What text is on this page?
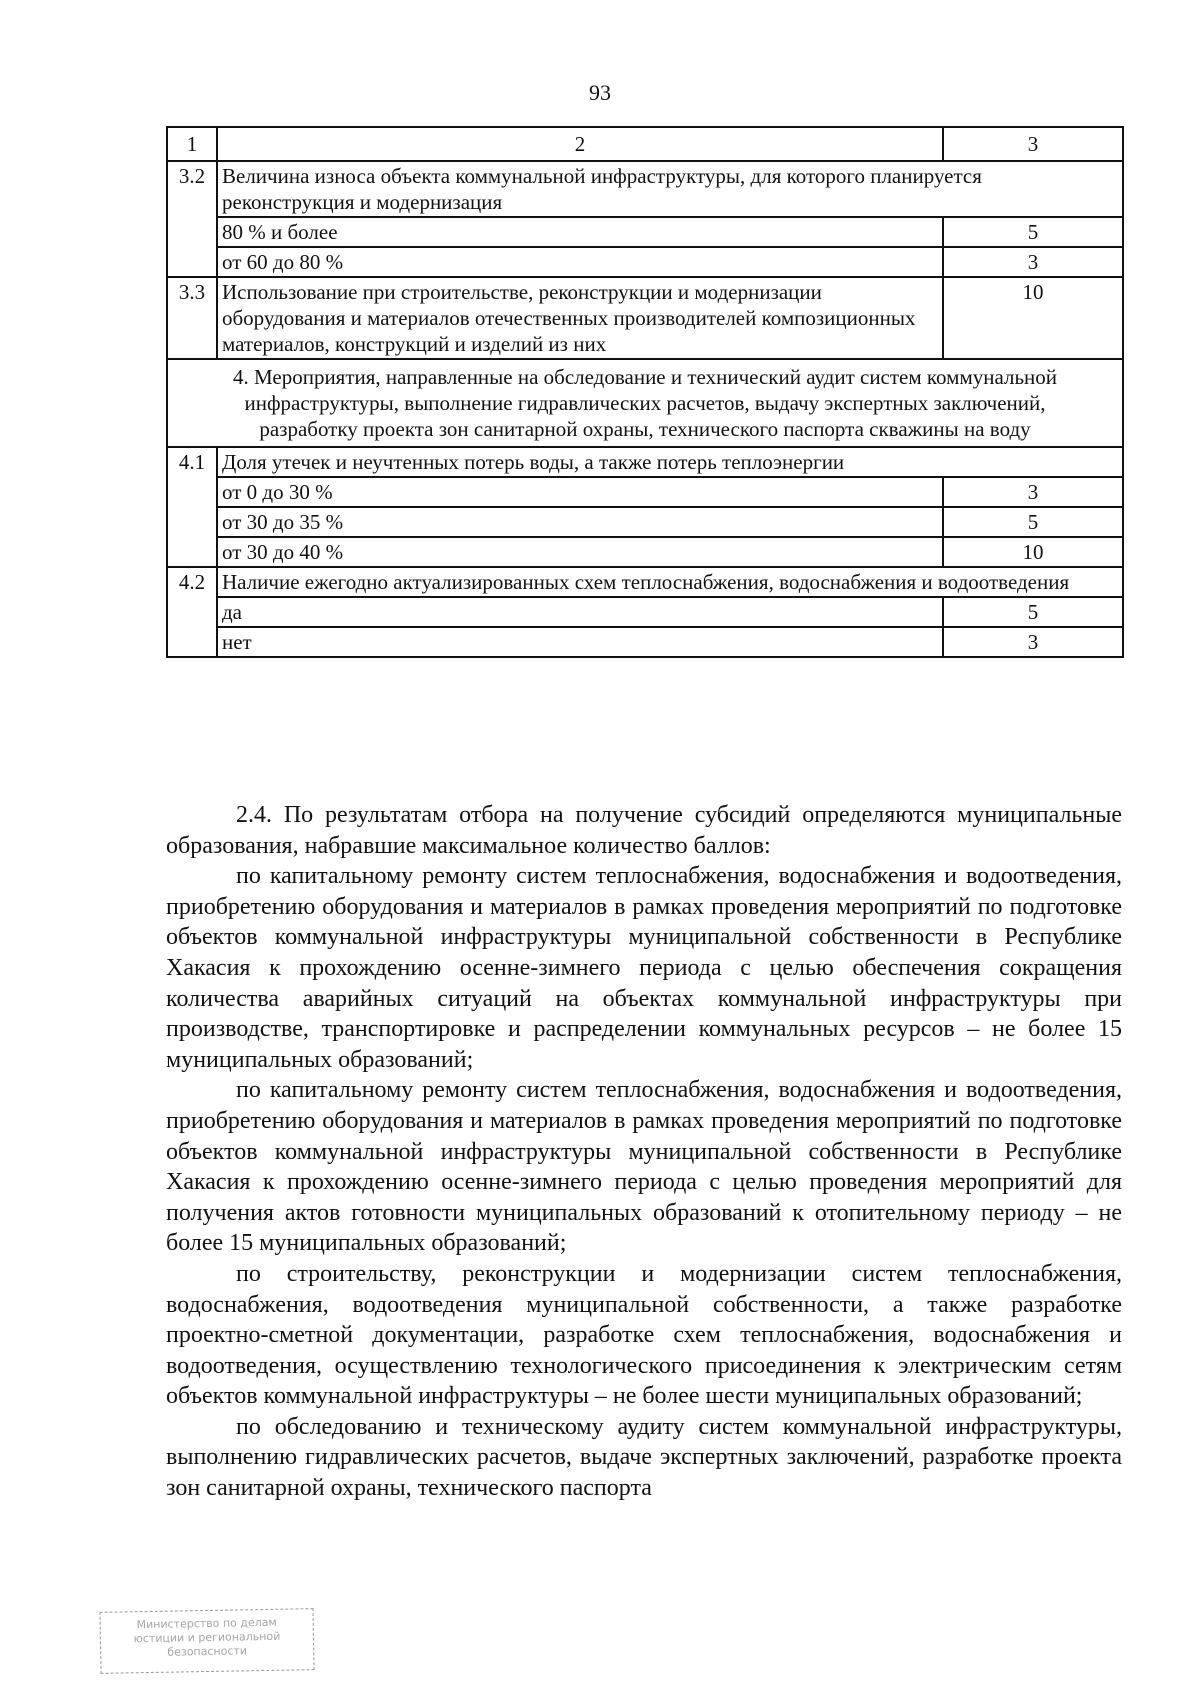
93
1	2	3
3.2	Величина износа объекта коммунальной инфраструктуры, для которого планируется реконструкция и модернизация	
	80 % и более	5
	от 60 до 80 %	3
3.3	Использование при строительстве, реконструкции и модернизации оборудования и материалов отечественных производителей композиционных материалов, конструкций и изделий из них	10
4. Мероприятия, направленные на обследование и технический аудит систем коммунальной инфраструктуры, выполнение гидравлических расчетов, выдачу экспертных заключений, разработку проекта зон санитарной охраны, технического паспорта скважины на воду		
4.1	Доля утечек и неучтенных потерь воды, а также потерь теплоэнергии	
	от 0 до 30 %	3
	от 30 до 35 %	5
	от 30 до 40 %	10
4.2	Наличие ежегодно актуализированных схем теплоснабжения, водоснабжения и водоотведения	
	да	5
	нет	3

2.4. По результатам отбора на получение субсидий определяются муниципальные образования, набравшие максимальное количество баллов:

по капитальному ремонту систем теплоснабжения, водоснабжения и водоотведения, приобретению оборудования и материалов в рамках проведения мероприятий по подготовке объектов коммунальной инфраструктуры муниципальной собственности в Республике Хакасия к прохождению осенне-зимнего периода с целью обеспечения сокращения количества аварийных ситуаций на объектах коммунальной инфраструктуры при производстве, транспортировке и распределении коммунальных ресурсов – не более 15 муниципальных образований;

по капитальному ремонту систем теплоснабжения, водоснабжения и водоотведения, приобретению оборудования и материалов в рамках проведения мероприятий по подготовке объектов коммунальной инфраструктуры муниципальной собственности в Республике Хакасия к прохождению осенне-зимнего периода с целью проведения мероприятий для получения актов готовности муниципальных образований к отопительному периоду – не более 15 муниципальных образований;

по строительству, реконструкции и модернизации систем теплоснабжения, водоснабжения, водоотведения муниципальной собственности, а также разработке проектно-сметной документации, разработке схем теплоснабжения, водоснабжения и водоотведения, осуществлению технологического присоединения к электрическим сетям объектов коммунальной инфраструктуры – не более шести муниципальных образований;

по обследованию и техническому аудиту систем коммунальной инфраструктуры, выполнению гидравлических расчетов, выдаче экспертных заключений, разработке проекта зон санитарной охраны, технического паспорта

Министерство по делам
юстиции и региональной
безопасности
